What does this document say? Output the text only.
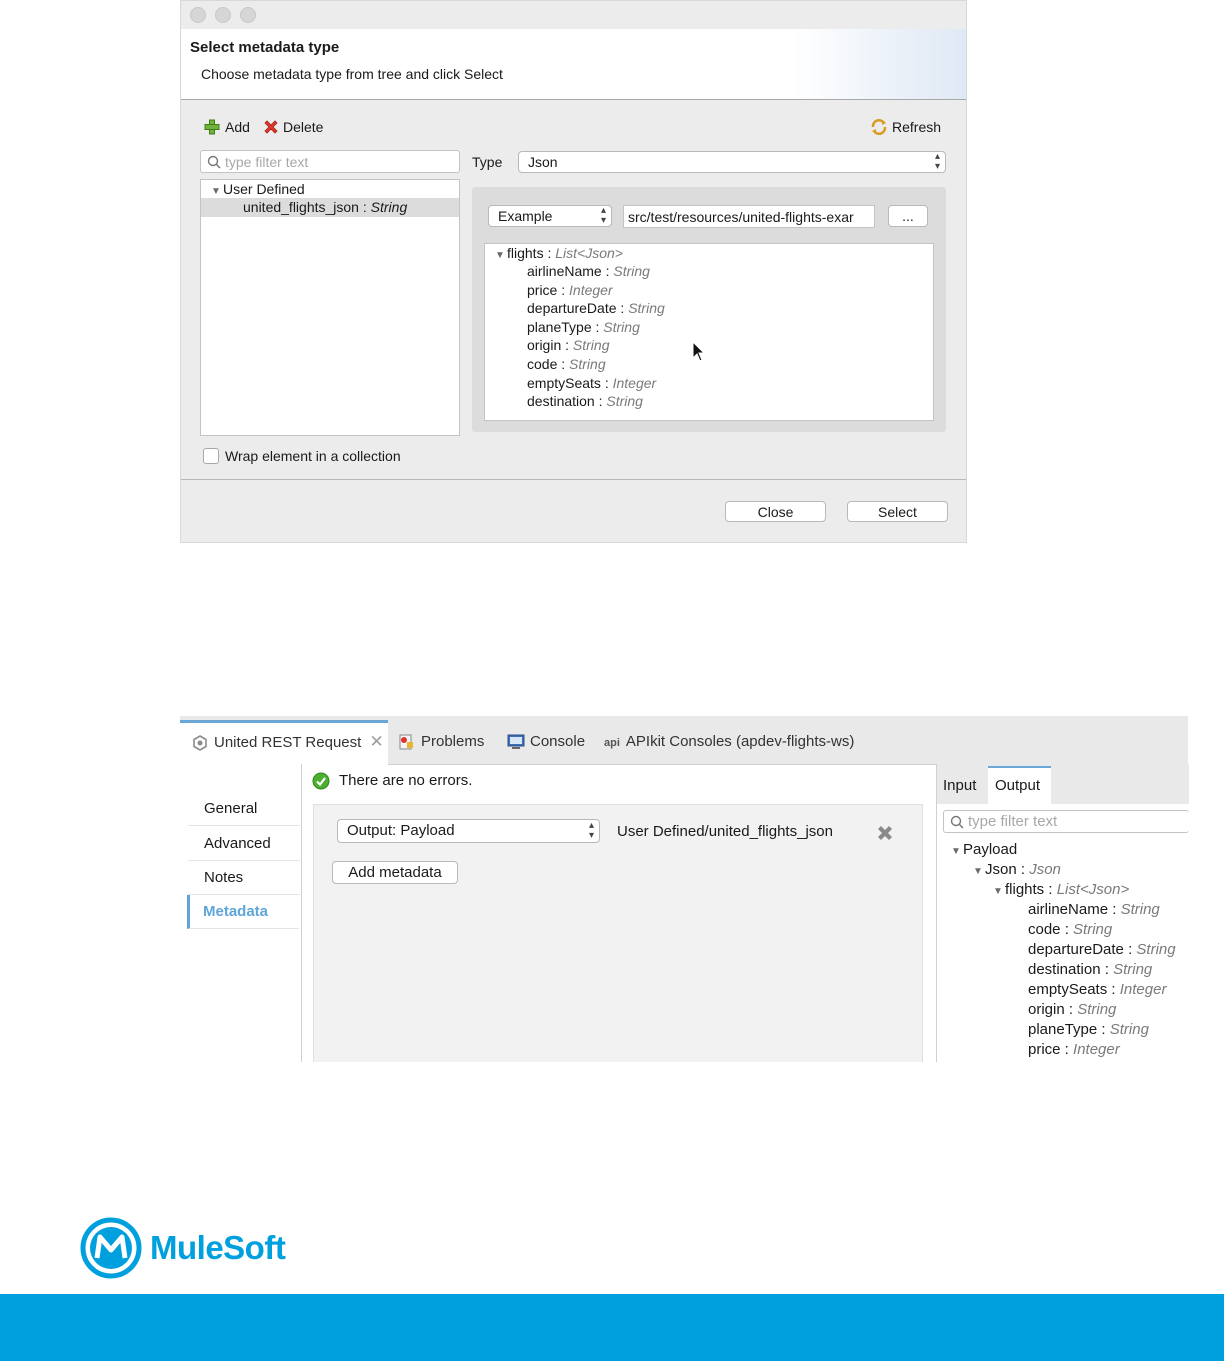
Select metadata type
Choose metadata type from tree and click Select
Add Delete	Refresh
type filter text	Type	Json	▴
▾
▼ User Defined
united_flights_json : String
Example	▴
▾ src/test/resources/united-flights-exar	...
▼ flights : List<Json>
airlineName : String
price : Integer
departureDate : String
planeType : String
origin : String
code : String
emptySeats : Integer
destination : String
Wrap element in a collection
Close	Select
United REST Request ✕	Problems	Console api APIkit Consoles (apdev-flights-ws)
General
Advanced
Notes
Metadata
There are no errors.
Output: Payload	▴
▾ User Defined/united_flights_json
Add metadata
Input Output
type filter text
▼ Payload
▼ Json : Json
▼ flights : List<Json>
airlineName : String
code : String
departureDate : String
destination : String
emptySeats : Integer
origin : String
planeType : String
price : Integer
MuleSoft
